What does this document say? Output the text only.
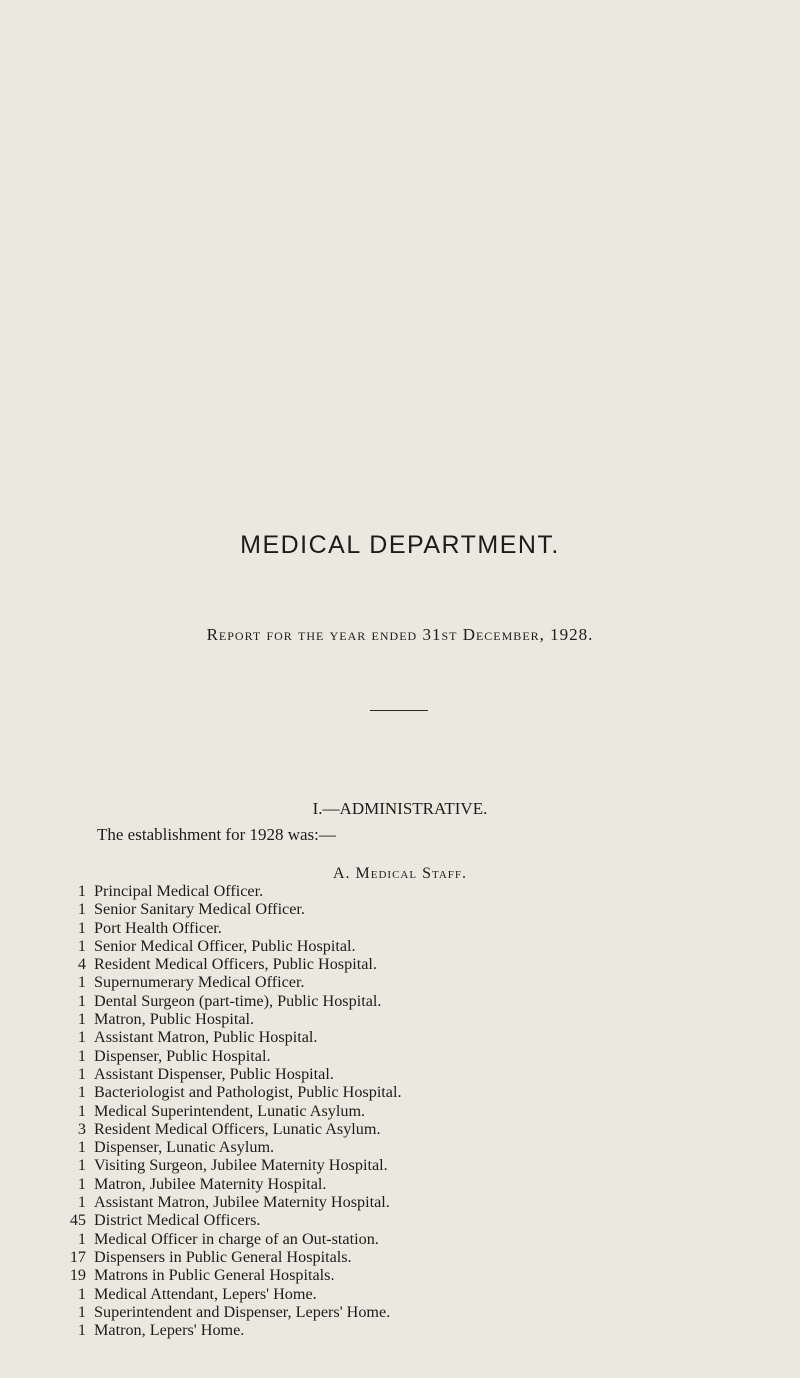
MEDICAL DEPARTMENT.

Report for the year ended 31st December, 1928.

I.—ADMINISTRATIVE.

The establishment for 1928 was:—

A. Medical Staff.

1 Principal Medical Officer.
1 Senior Sanitary Medical Officer.
1 Port Health Officer.
1 Senior Medical Officer, Public Hospital.
4 Resident Medical Officers, Public Hospital.
1 Supernumerary Medical Officer.
1 Dental Surgeon (part-time), Public Hospital.
1 Matron, Public Hospital.
1 Assistant Matron, Public Hospital.
1 Dispenser, Public Hospital.
1 Assistant Dispenser, Public Hospital.
1 Bacteriologist and Pathologist, Public Hospital.
1 Medical Superintendent, Lunatic Asylum.
3 Resident Medical Officers, Lunatic Asylum.
1 Dispenser, Lunatic Asylum.
1 Visiting Surgeon, Jubilee Maternity Hospital.
1 Matron, Jubilee Maternity Hospital.
1 Assistant Matron, Jubilee Maternity Hospital.
45 District Medical Officers.
1 Medical Officer in charge of an Out-station.
17 Dispensers in Public General Hospitals.
19 Matrons in Public General Hospitals.
1 Medical Attendant, Lepers' Home.
1 Superintendent and Dispenser, Lepers' Home.
1 Matron, Lepers' Home.
